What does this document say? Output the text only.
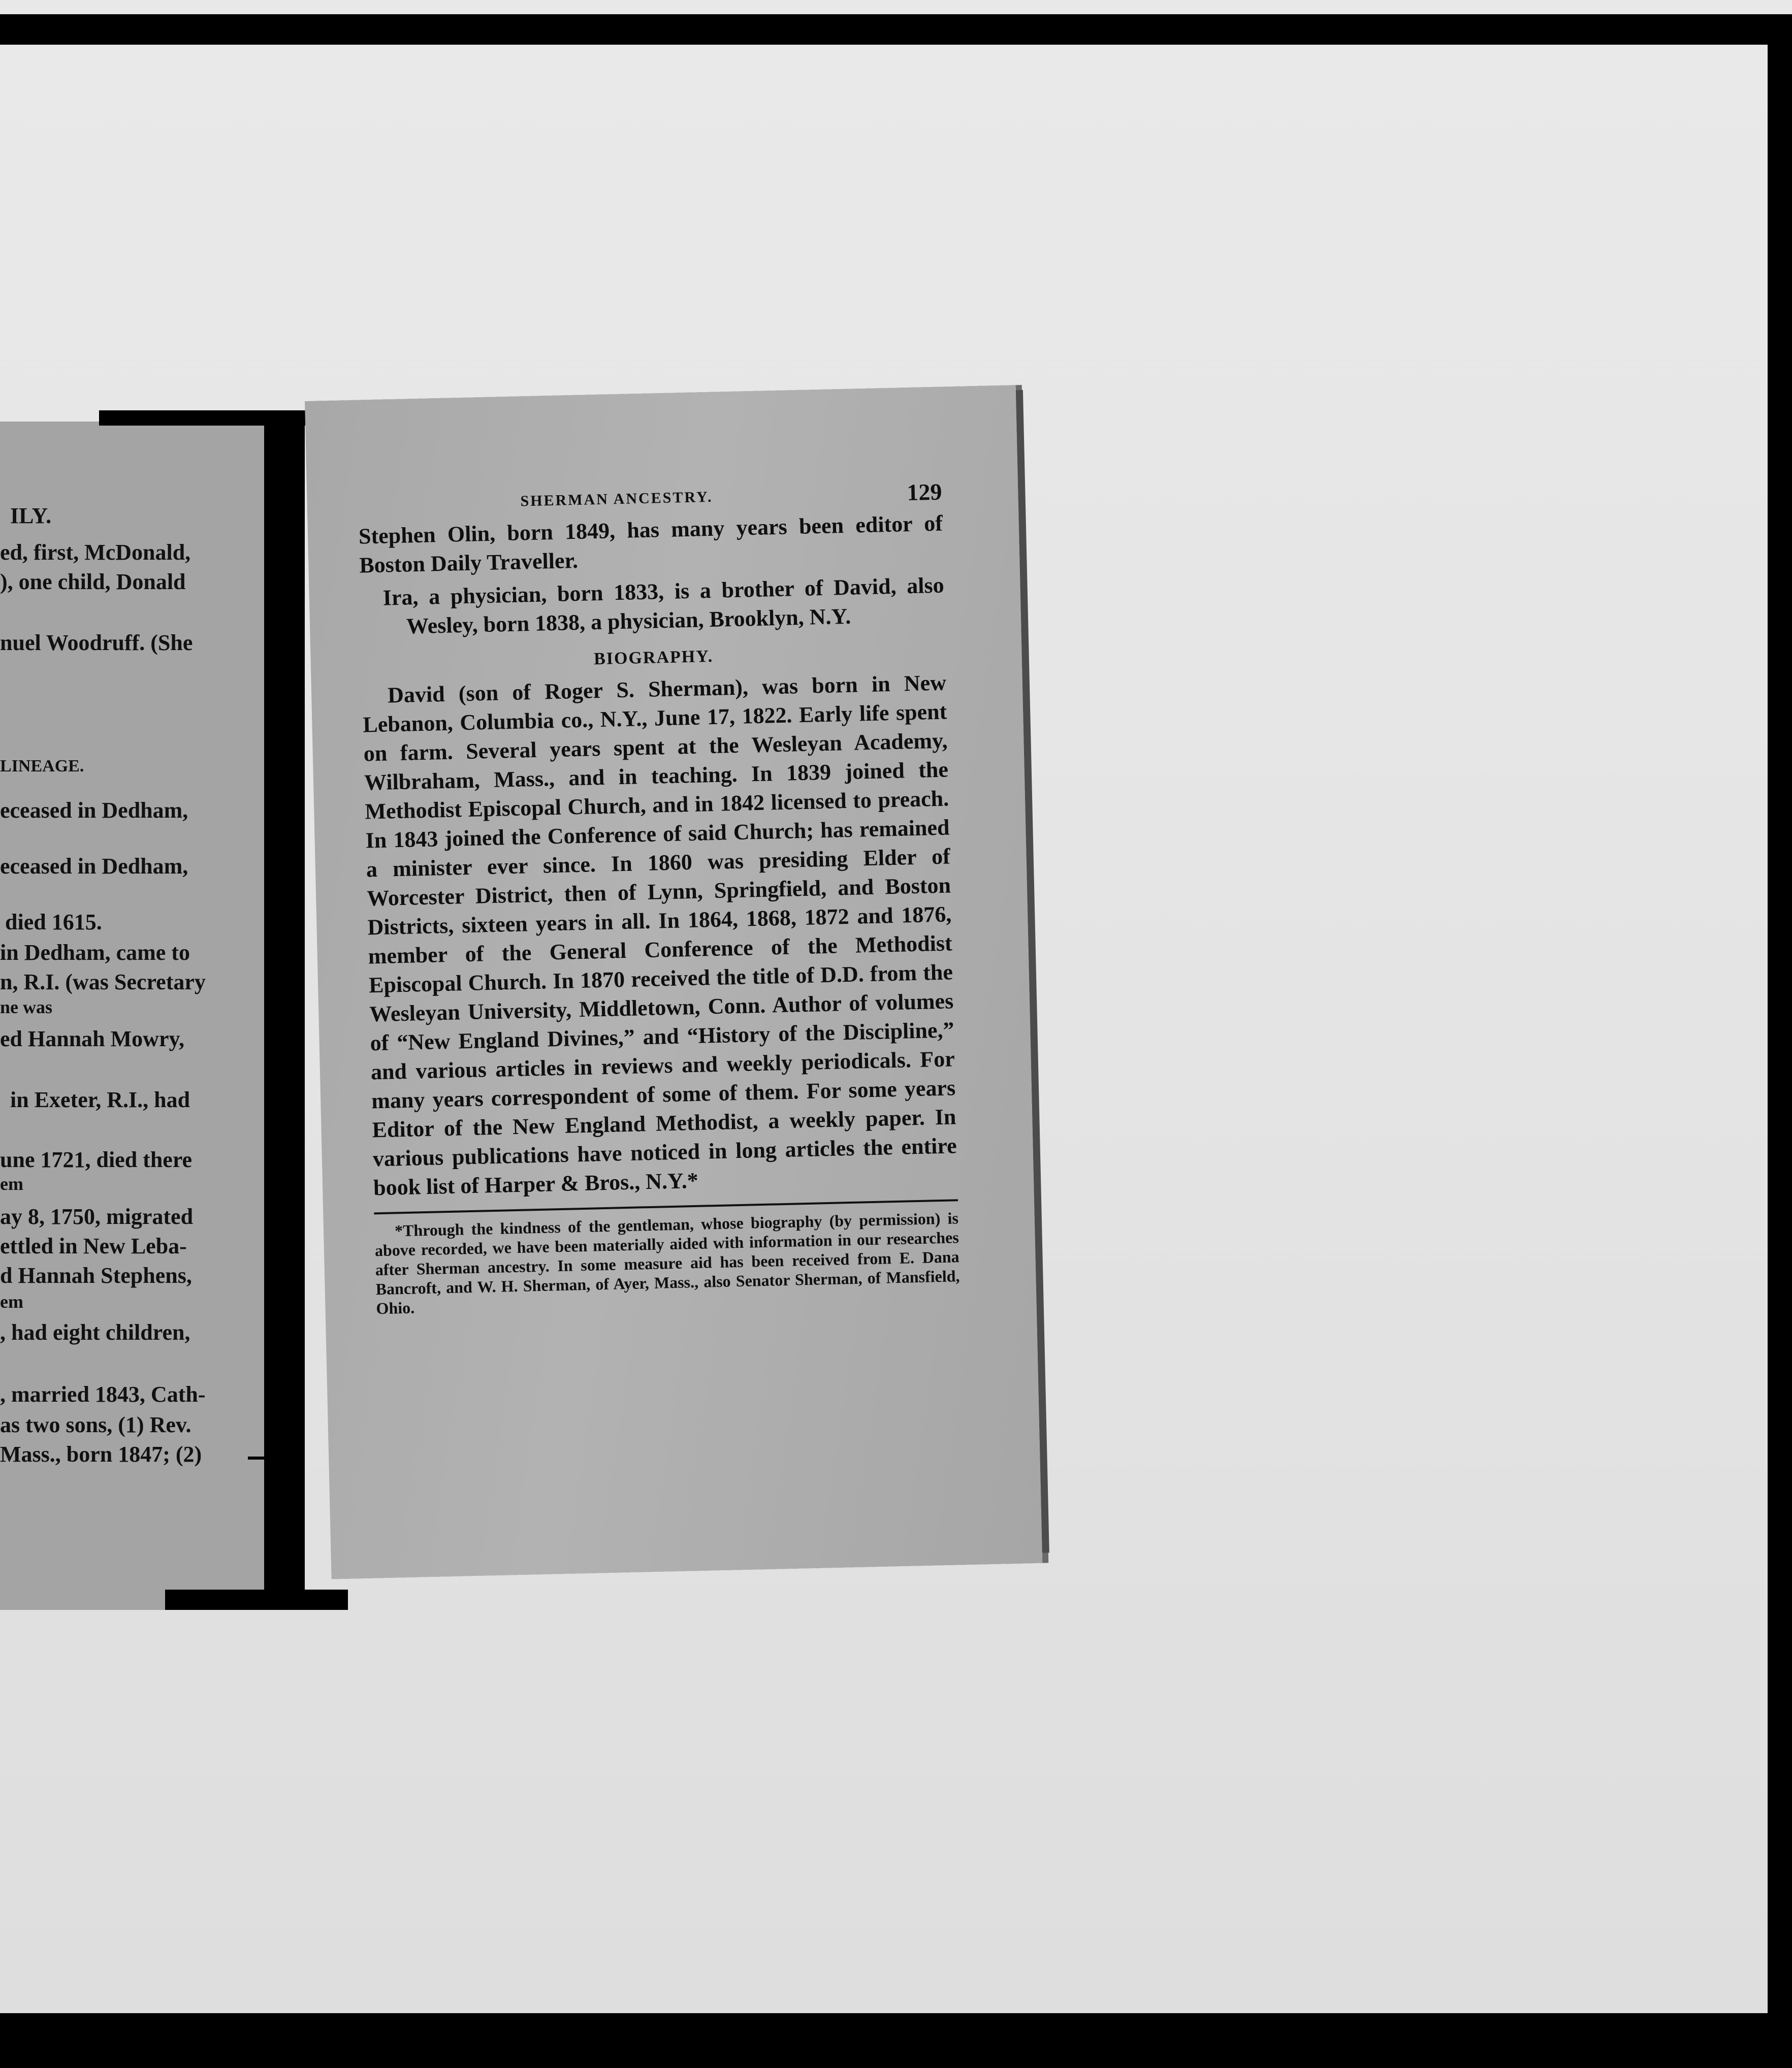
ILY.
ed, first, McDonald,
), one child, Donald
nuel Woodruff. (She
LINEAGE.
eceased in Dedham,
eceased in Dedham,
died 1615.
in Dedham, came to
n, R.I. (was Secretary
ne was
ed Hannah Mowry,
in Exeter, R.I., had
une 1721, died there
em
ay 8, 1750, migrated
ettled in New Leba-
d Hannah Stephens,
em
, had eight children,
, married 1843, Cath-
as two sons, (1) Rev.
Mass., born 1847; (2)
SHERMAN ANCESTRY.	129

Stephen Olin, born 1849, has many years been editor of Boston Daily Traveller.

Ira, a physician, born 1833, is a brother of David, also Wesley, born 1838, a physician, Brooklyn, N.Y.

BIOGRAPHY.

David (son of Roger S. Sherman), was born in New Lebanon, Columbia co., N.Y., June 17, 1822. Early life spent on farm. Several years spent at the Wesleyan Academy, Wilbraham, Mass., and in teaching. In 1839 joined the Methodist Episcopal Church, and in 1842 licensed to preach. In 1843 joined the Conference of said Church; has remained a minister ever since. In 1860 was presiding Elder of Worcester District, then of Lynn, Springfield, and Boston Districts, sixteen years in all. In 1864, 1868, 1872 and 1876, member of the General Conference of the Methodist Episcopal Church. In 1870 received the title of D.D. from the Wesleyan University, Middletown, Conn. Author of volumes of “New England Divines,” and “History of the Discipline,” and various articles in reviews and weekly periodicals. For many years correspondent of some of them. For some years Editor of the New England Methodist, a weekly paper. In various publications have noticed in long articles the entire book list of Harper & Bros., N.Y.*

*Through the kindness of the gentleman, whose biography (by permission) is above recorded, we have been materially aided with information in our researches after Sherman ancestry. In some measure aid has been received from E. Dana Bancroft, and W. H. Sherman, of Ayer, Mass., also Senator Sherman, of Mansfield, Ohio.
